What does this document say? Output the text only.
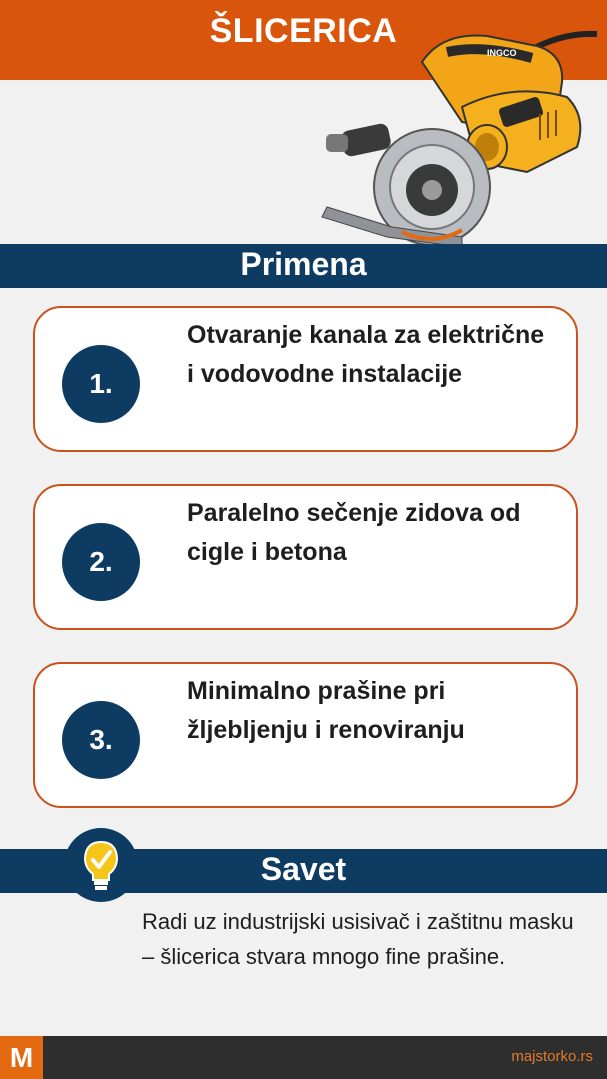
ŠLICERICA
INGCO
Primena
1.
Otvaranje kanala za električne i vodovodne instalacije
2.
Paralelno sečenje zidova od cigle i betona
3.
Minimalno prašine pri žljebljenju i renoviranju
Savet
Radi uz industrijski usisivač i zaštitnu masku – šlicerica stvara mnogo fine prašine.
M	majstorko.rs
